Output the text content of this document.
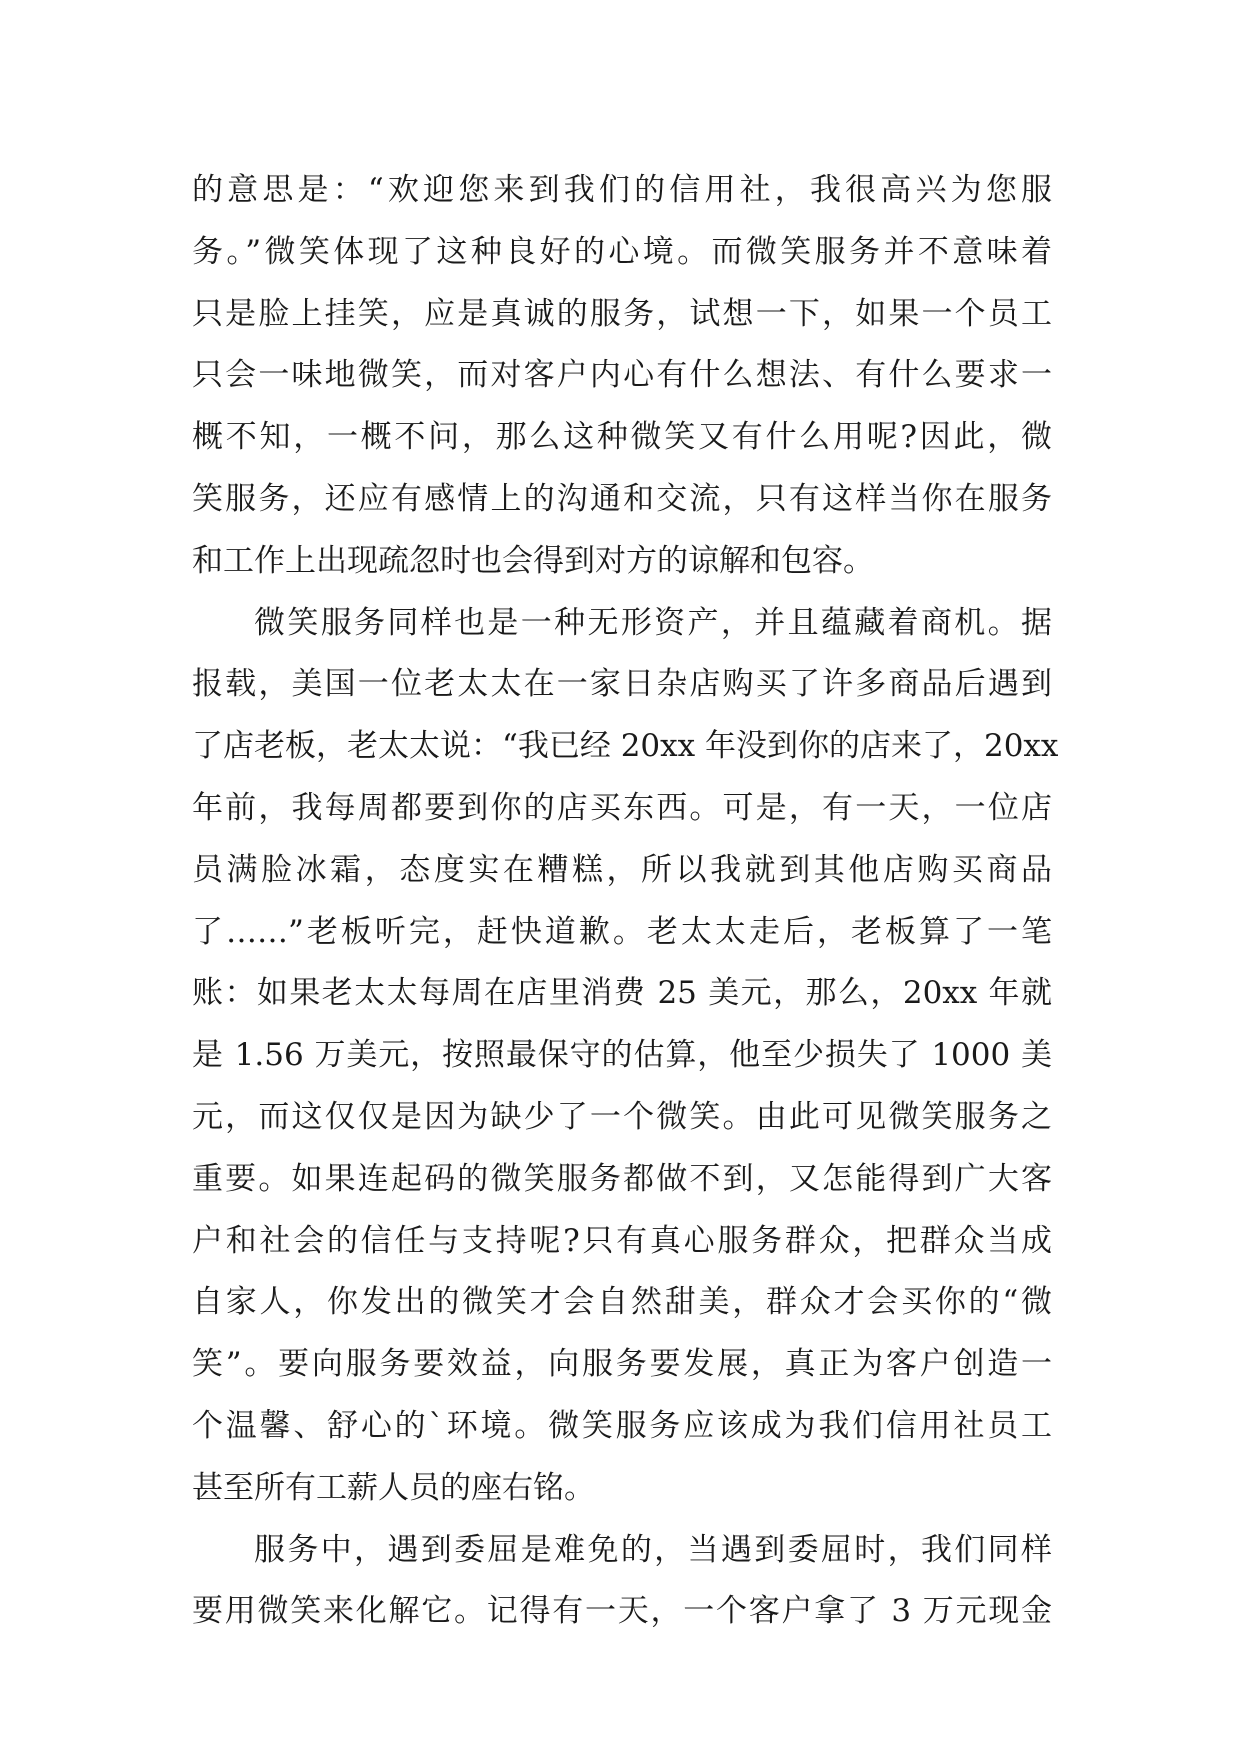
的意思是：“欢迎您来到我们的信用社，我很高兴为您服
务。”微笑体现了这种良好的心境。而微笑服务并不意味着
只是脸上挂笑，应是真诚的服务，试想一下，如果一个员工
只会一味地微笑，而对客户内心有什么想法、有什么要求一
概不知，一概不问，那么这种微笑又有什么用呢?因此，微
笑服务，还应有感情上的沟通和交流，只有这样当你在服务
和工作上出现疏忽时也会得到对方的谅解和包容。
微笑服务同样也是一种无形资产，并且蕴藏着商机。据
报载，美国一位老太太在一家日杂店购买了许多商品后遇到
了店老板，老太太说：“我已经 20xx 年没到你的店来了，20xx
年前，我每周都要到你的店买东西。可是，有一天，一位店
员满脸冰霜，态度实在糟糕，所以我就到其他店购买商品
了……”老板听完，赶快道歉。老太太走后，老板算了一笔
账：如果老太太每周在店里消费 25 美元，那么，20xx 年就
是 1.56 万美元，按照最保守的估算，他至少损失了 1000 美
元，而这仅仅是因为缺少了一个微笑。由此可见微笑服务之
重要。如果连起码的微笑服务都做不到，又怎能得到广大客
户和社会的信任与支持呢?只有真心服务群众，把群众当成
自家人，你发出的微笑才会自然甜美，群众才会买你的“微
笑”。要向服务要效益，向服务要发展，真正为客户创造一
个温馨、舒心的`环境。微笑服务应该成为我们信用社员工
甚至所有工薪人员的座右铭。
服务中，遇到委屈是难免的，当遇到委屈时，我们同样
要用微笑来化解它。记得有一天，一个客户拿了 3 万元现金
